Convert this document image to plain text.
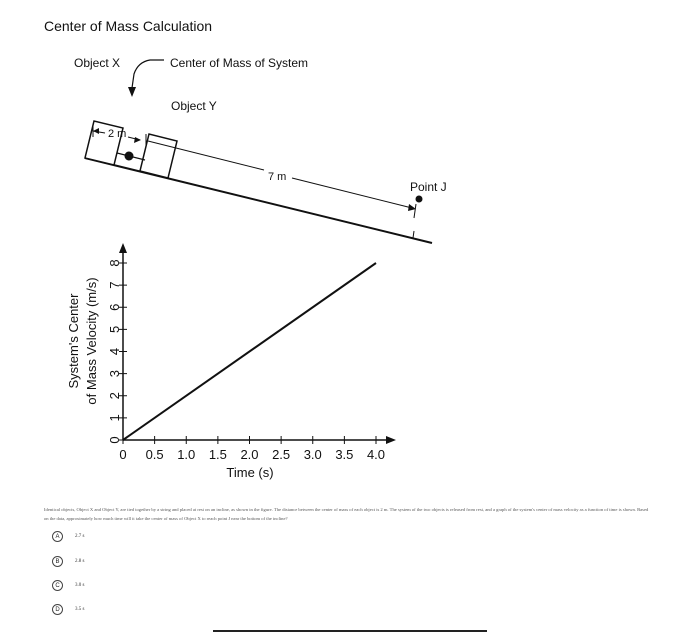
Center of Mass Calculation
Object X	Center of Mass of System
Object Y
2 m
7 m
Point J
0 0.5 1.0 1.5 2.0 2.5 3.0 3.5 4.0
0
1
2
3
4
5
6
7
8
System's Center of Mass Velocity (m/s)
Time (s)
Identical objects, Object X and Object Y, are tied together by a string and placed at rest on an incline, as shown in the figure. The distance between the center of mass of each object is 2 m. The system of the two objects is released from rest, and a graph of the system's center of mass velocity as a function of time is shown. Based on the data, approximately how much time will it take the center of mass of Object X to reach point J near the bottom of the incline?
A	2.7 s
B	2.8 s
C	3.0 s
D	3.5 s
